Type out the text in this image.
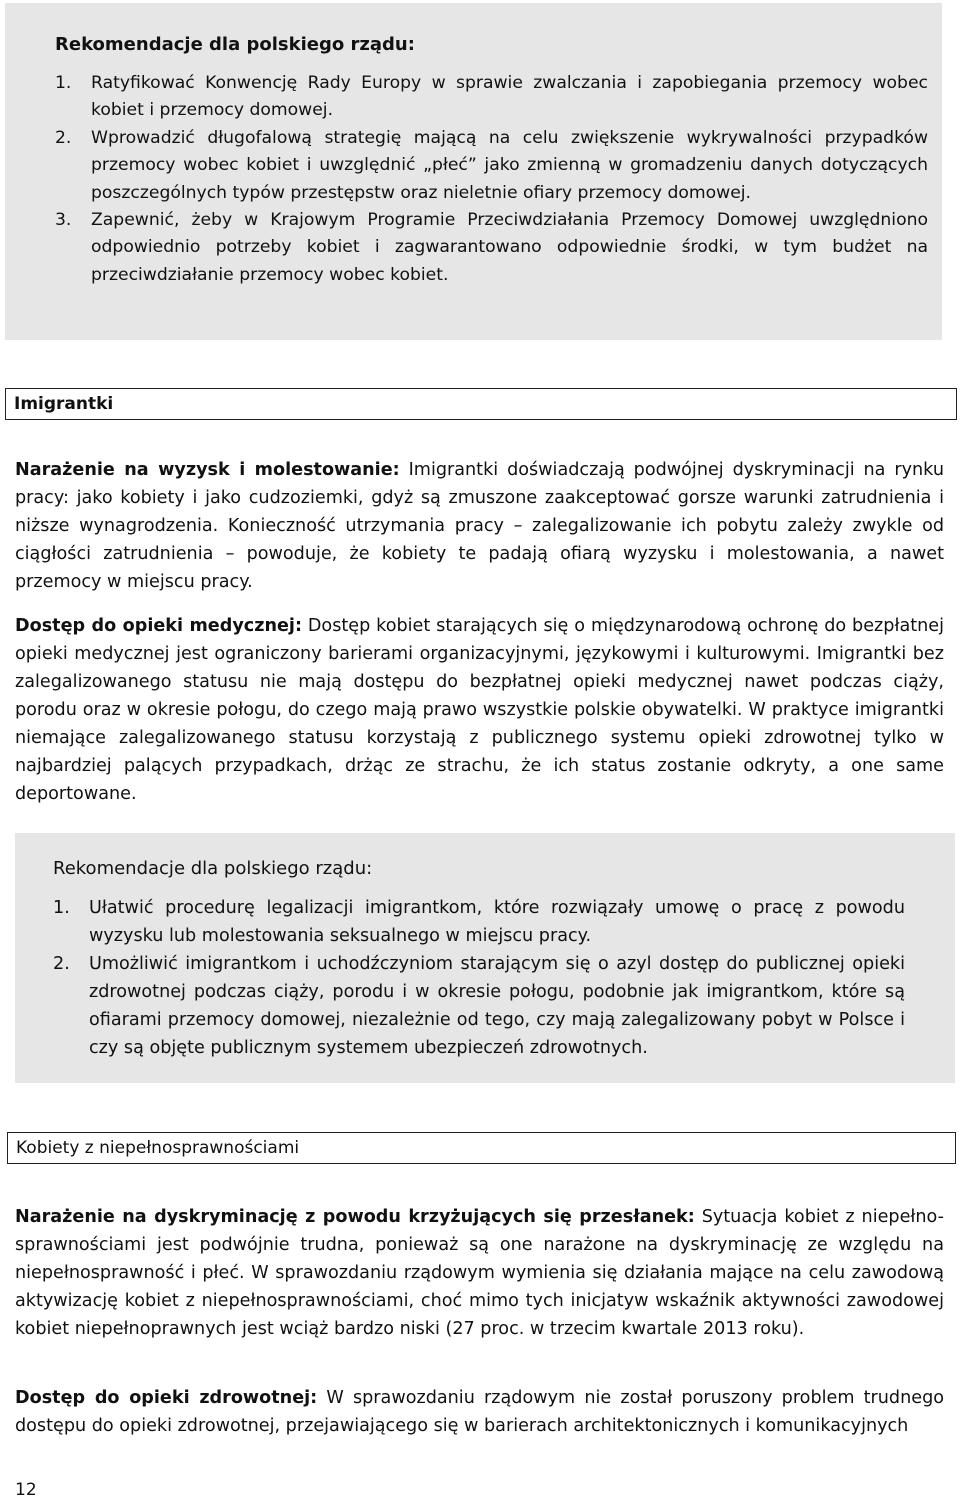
Rekomendacje dla polskiego rządu:
1.	Ratyfikować Konwencję Rady Europy w sprawie zwalczania i zapobiegania przemocy wobec kobiet i przemocy domowej.
2.	Wprowadzić długofalową strategię mającą na celu zwiększenie wykrywalności przypadków przemocy wobec kobiet i uwzględnić „płeć” jako zmienną w gromadzeniu danych dotyczących poszczególnych typów przestępstw oraz nieletnie ofiary przemocy domowej.
3.	Zapewnić, żeby w Krajowym Programie Przeciwdziałania Przemocy Domowej uwzględniono odpowiednio potrzeby kobiet i zagwarantowano odpowiednie środki, w tym budżet na przeciwdziałanie przemocy wobec kobiet.
Imigrantki
Narażenie na wyzysk i molestowanie: Imigrantki doświadczają podwójnej dyskryminacji na rynku pracy: jako kobiety i jako cudzoziemki, gdyż są zmuszone zaakceptować gorsze warunki zatrudnienia i niższe wynagrodzenia. Konieczność utrzymania pracy – zalegalizowanie ich pobytu zależy zwykle od ciągłości zatrudnienia – powoduje, że kobiety te padają ofiarą wyzysku i molestowania, a nawet przemocy w miejscu pracy.
Dostęp do opieki medycznej: Dostęp kobiet starających się o międzynarodową ochronę do bezpłatnej opieki medycznej jest ograniczony barierami organizacyjnymi, językowymi i kulturowymi. Imigrantki bez zalegalizowanego statusu nie mają dostępu do bezpłatnej opieki medycznej nawet podczas ciąży, porodu oraz w okresie połogu, do czego mają prawo wszystkie polskie obywatelki. W praktyce imigrantki niemające zalegalizowanego statusu korzystają z publicznego systemu opieki zdrowotnej tylko w najbardziej palących przypadkach, drżąc ze strachu, że ich status zostanie odkryty, a one same deportowane.
Rekomendacje dla polskiego rządu:
1.	Ułatwić procedurę legalizacji imigrantkom, które rozwiązały umowę o pracę z powodu wyzysku lub molestowania seksualnego w miejscu pracy.
2.	Umożliwić imigrantkom i uchodźczyniom starającym się o azyl dostęp do publicznej opieki zdrowotnej podczas ciąży, porodu i w okresie połogu, podobnie jak imigrantkom, które są ofiarami przemocy domowej, niezależnie od tego, czy mają zalegalizowany pobyt w Polsce i czy są objęte publicznym systemem ubezpieczeń zdrowotnych.
Kobiety z niepełnosprawnościami
Narażenie na dyskryminację z powodu krzyżujących się przesłanek: Sytuacja kobiet z niepełno-sprawnościami jest podwójnie trudna, ponieważ są one narażone na dyskryminację ze względu na niepełnosprawność i płeć. W sprawozdaniu rządowym wymienia się działania mające na celu zawodową aktywizację kobiet z niepełnosprawnościami, choć mimo tych inicjatyw wskaźnik aktywności zawodowej kobiet niepełnoprawnych jest wciąż bardzo niski (27 proc. w trzecim kwartale 2013 roku).
Dostęp do opieki zdrowotnej: W sprawozdaniu rządowym nie został poruszony problem trudnego dostępu do opieki zdrowotnej, przejawiającego się w barierach architektonicznych i komunikacyjnych
12
